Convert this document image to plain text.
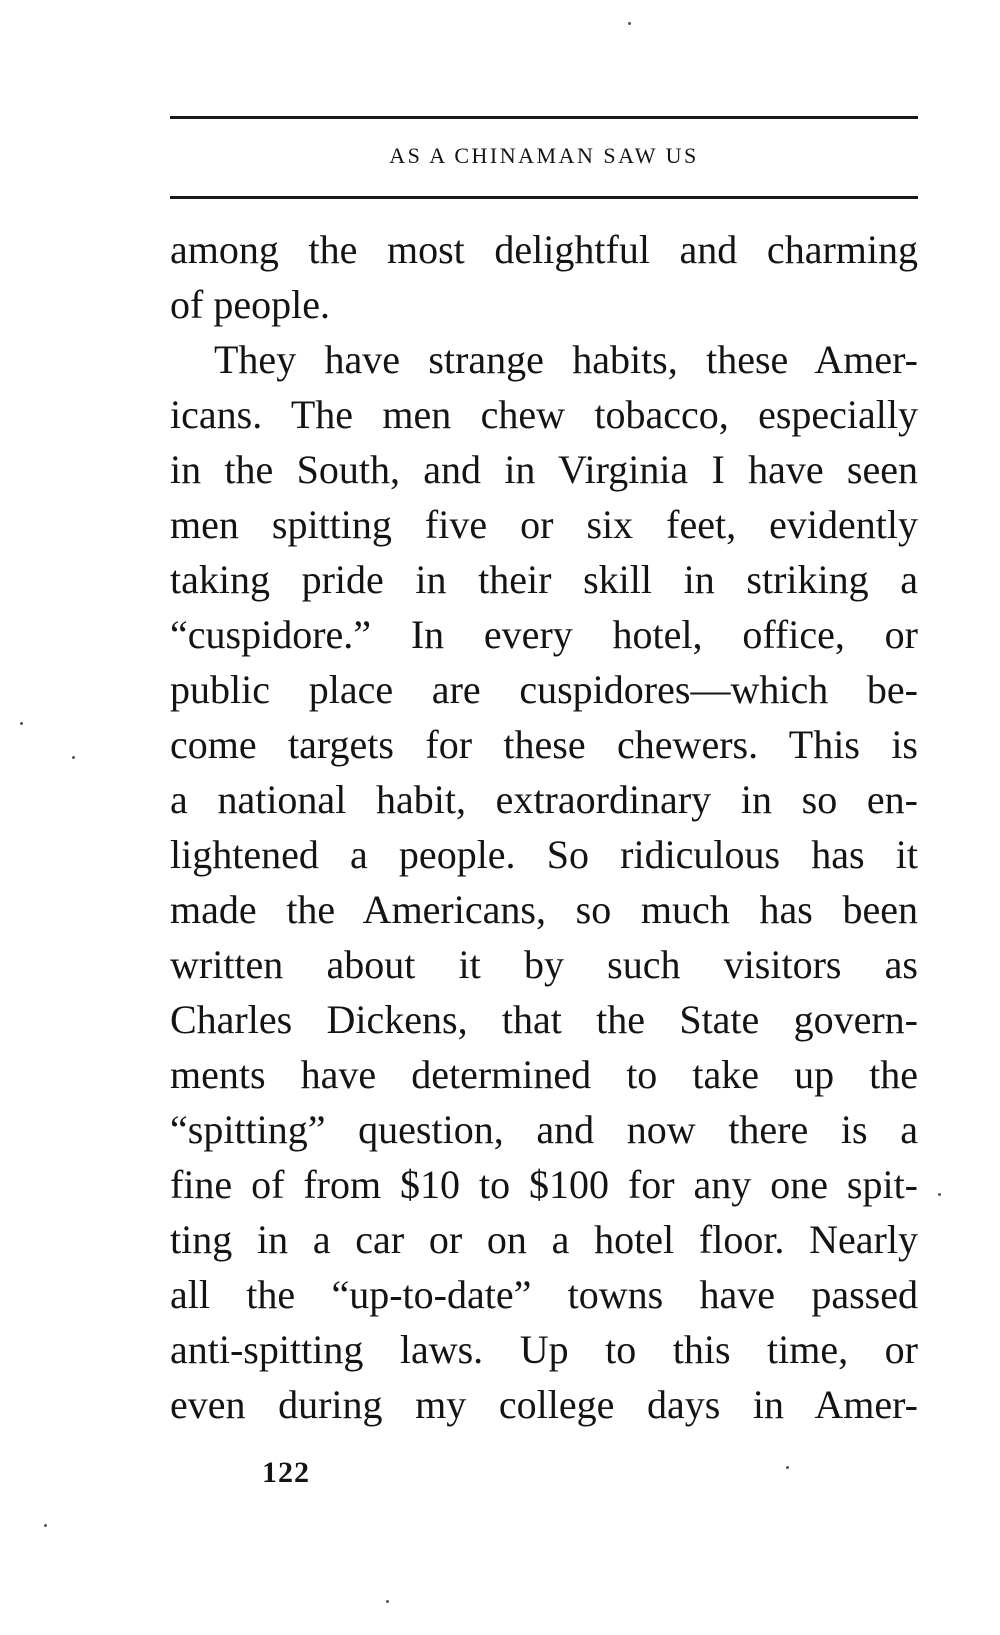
AS A CHINAMAN SAW US
among the most delightful and charming
of people.
They have strange habits, these Amer-
icans. The men chew tobacco, especially
in the South, and in Virginia I have seen
men spitting five or six feet, evidently
taking pride in their skill in striking a
“cuspidore.” In every hotel, office, or
public place are cuspidores—which be-
come targets for these chewers. This is
a national habit, extraordinary in so en-
lightened a people. So ridiculous has it
made the Americans, so much has been
written about it by such visitors as
Charles Dickens, that the State govern-
ments have determined to take up the
“spitting” question, and now there is a
fine of from $10 to $100 for any one spit-
ting in a car or on a hotel floor. Nearly
all the “up-to-date” towns have passed
anti-spitting laws. Up to this time, or
even during my college days in Amer-
122
